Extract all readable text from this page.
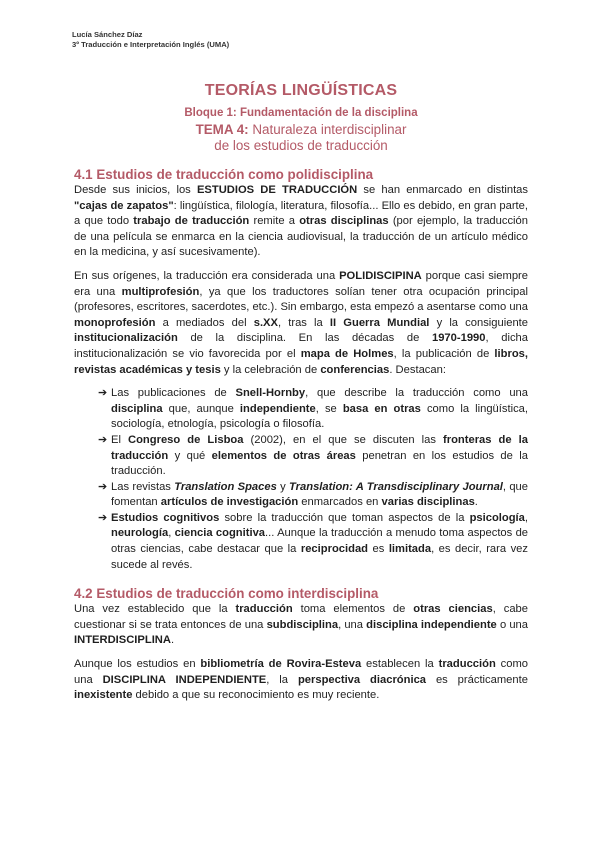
Lucía Sánchez Díaz
3º Traducción e Interpretación Inglés (UMA)
TEORÍAS LINGÜÍSTICAS
Bloque 1: Fundamentación de la disciplina
TEMA 4: Naturaleza interdisciplinar
de los estudios de traducción
4.1 Estudios de traducción como polidisciplina

Desde sus inicios, los ESTUDIOS DE TRADUCCIÓN se han enmarcado en distintas "cajas de zapatos": lingüística, filología, literatura, filosofía... Ello es debido, en gran parte, a que todo trabajo de traducción remite a otras disciplinas (por ejemplo, la traducción de una película se enmarca en la ciencia audiovisual, la traducción de un artículo médico en la medicina, y así sucesivamente).

En sus orígenes, la traducción era considerada una POLIDISCIPINA porque casi siempre era una multiprofesión, ya que los traductores solían tener otra ocupación principal (profesores, escritores, sacerdotes, etc.). Sin embargo, esta empezó a asentarse como una monoprofesión a mediados del s.XX, tras la II Guerra Mundial y la consiguiente institucionalización de la disciplina. En las décadas de 1970-1990, dicha institucionalización se vio favorecida por el mapa de Holmes, la publicación de libros, revistas académicas y tesis y la celebración de conferencias. Destacan:

➔ Las publicaciones de Snell-Hornby, que describe la traducción como una disciplina que, aunque independiente, se basa en otras como la lingüística, sociología, etnología, psicología o filosofía.
➔ El Congreso de Lisboa (2002), en el que se discuten las fronteras de la traducción y qué elementos de otras áreas penetran en los estudios de la traducción.
➔ Las revistas Translation Spaces y Translation: A Transdisciplinary Journal, que fomentan artículos de investigación enmarcados en varias disciplinas.
➔ Estudios cognitivos sobre la traducción que toman aspectos de la psicología, neurología, ciencia cognitiva... Aunque la traducción a menudo toma aspectos de otras ciencias, cabe destacar que la reciprocidad es limitada, es decir, rara vez sucede al revés.
4.2 Estudios de traducción como interdisciplina

Una vez establecido que la traducción toma elementos de otras ciencias, cabe cuestionar si se trata entonces de una subdisciplina, una disciplina independiente o una INTERDISCIPLINA.

Aunque los estudios en bibliometría de Rovira-Esteva establecen la traducción como una DISCIPLINA INDEPENDIENTE, la perspectiva diacrónica es prácticamente inexistente debido a que su reconocimiento es muy reciente.
